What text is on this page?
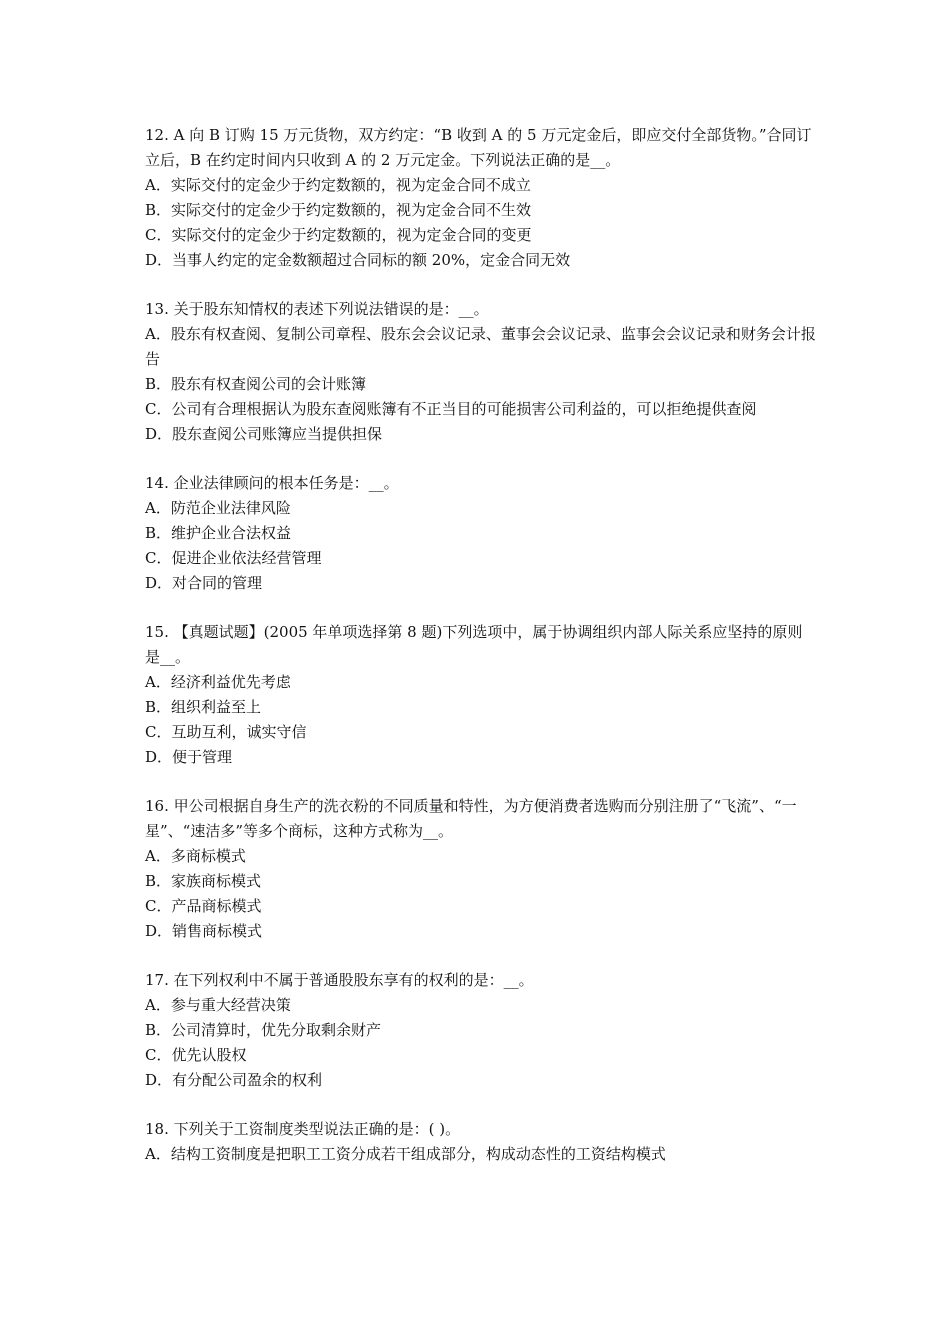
12. A 向 B 订购 15 万元货物，双方约定：“B 收到 A 的 5 万元定金后，即应交付全部货物。”合同订立后，B 在约定时间内只收到 A 的 2 万元定金。下列说法正确的是__。
A．实际交付的定金少于约定数额的，视为定金合同不成立
B．实际交付的定金少于约定数额的，视为定金合同不生效
C．实际交付的定金少于约定数额的，视为定金合同的变更
D．当事人约定的定金数额超过合同标的额 20%，定金合同无效
13. 关于股东知情权的表述下列说法错误的是：__。
A．股东有权查阅、复制公司章程、股东会会议记录、董事会会议记录、监事会会议记录和财务会计报告
B．股东有权查阅公司的会计账簿
C．公司有合理根据认为股东查阅账簿有不正当目的可能损害公司利益的，可以拒绝提供查阅
D．股东查阅公司账簿应当提供担保
14. 企业法律顾问的根本任务是：__。
A．防范企业法律风险
B．维护企业合法权益
C．促进企业依法经营管理
D．对合同的管理
15. 【真题试题】(2005 年单项选择第 8 题)下列选项中，属于协调组织内部人际关系应坚持的原则是__。
A．经济利益优先考虑
B．组织利益至上
C．互助互利，诚实守信
D．便于管理
16. 甲公司根据自身生产的洗衣粉的不同质量和特性，为方便消费者选购而分别注册了“飞流”、“一星”、“速洁多”等多个商标，这种方式称为__。
A．多商标模式
B．家族商标模式
C．产品商标模式
D．销售商标模式
17. 在下列权利中不属于普通股股东享有的权利的是：__。
A．参与重大经营决策
B．公司清算时，优先分取剩余财产
C．优先认股权
D．有分配公司盈余的权利
18. 下列关于工资制度类型说法正确的是：( )。
A．结构工资制度是把职工工资分成若干组成部分，构成动态性的工资结构模式
